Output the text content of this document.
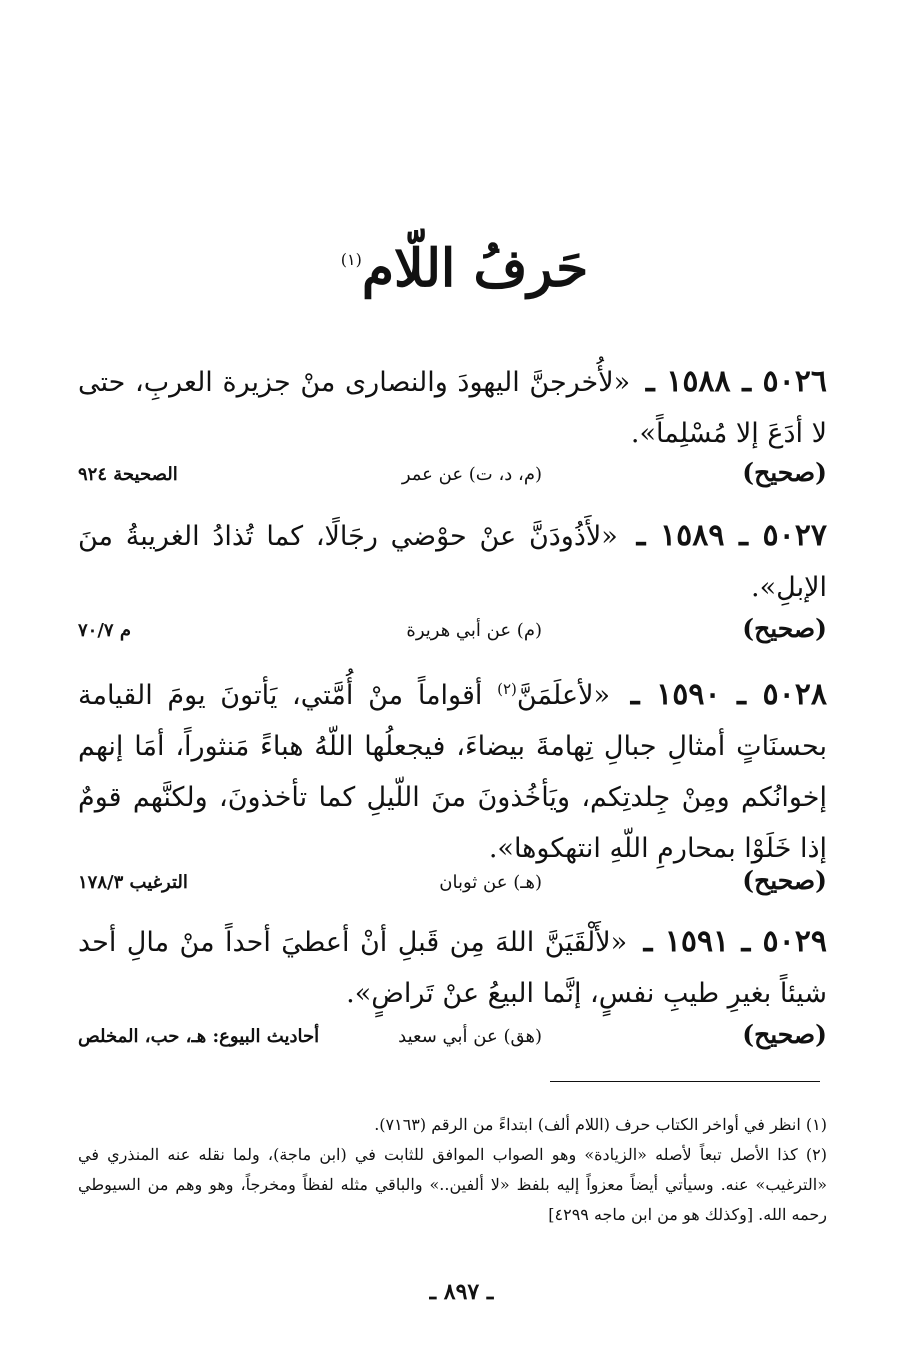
حَرفُ اللّام$^{(١)}$
٥٠٢٦ ـ ١٥٨٨ ـ «لأُخرجنَّ اليهودَ والنصارى منْ جزيرة العربِ، حتى لا أدَعَ إلا مُسْلِماً».
(صحيح)
(م، د، ت) عن عمر
الصحيحة ٩٢٤
٥٠٢٧ ـ ١٥٨٩ ـ «لأَذُودَنَّ عنْ حوْضي رجَالًا، كما تُذادُ الغريبةُ منَ الإبلِ».
(صحيح)
(م) عن أبي هريرة
م ٧٠/٧
٥٠٢٨ ـ ١٥٩٠ ـ «لأعلَمَنَّ$^{(٢)}$ أقواماً منْ أُمَّتي، يَأتونَ يومَ القيامة بحسنَاتٍ أمثالِ جبالِ تِهامةَ بيضاءَ، فيجعلُها اللّهُ هباءً مَنثوراً، أمَا إنهم إخوانُكم ومِنْ جِلدتِكم، ويَأخُذونَ منَ اللّيلِ كما تأخذونَ، ولكنَّهم قومٌ إذا خَلَوْا بمحارمِ اللّهِ انتهكوها».
(صحيح)
(هـ) عن ثوبان
الترغيب ١٧٨/٣
٥٠٢٩ ـ ١٥٩١ ـ «لأَلْقَيَنَّ اللهَ مِن قَبلِ أنْ أعطيَ أحداً منْ مالِ أحد شيئاً بغيرِ طيبِ نفسٍ، إنَّما البيعُ عنْ تَراضٍ».
(صحيح)
(هق) عن أبي سعيد
أحاديث البيوع: هـ، حب، المخلص

(١) انظر في أواخر الكتاب حرف (اللام ألف) ابتداءً من الرقم (٧١٦٣).

(٢) كذا الأصل تبعاً لأصله «الزيادة» وهو الصواب الموافق للثابت في (ابن ماجة)، ولما نقله عنه المنذري في «الترغيب» عنه. وسيأتي أيضاً معزواً إليه بلفظ «لا ألفين..» والباقي مثله لفظاً ومخرجاً، وهو وهم من السيوطي رحمه الله. [وكذلك هو من ابن ماجه ٤٢٩٩]

ـ ٨٩٧ ـ
